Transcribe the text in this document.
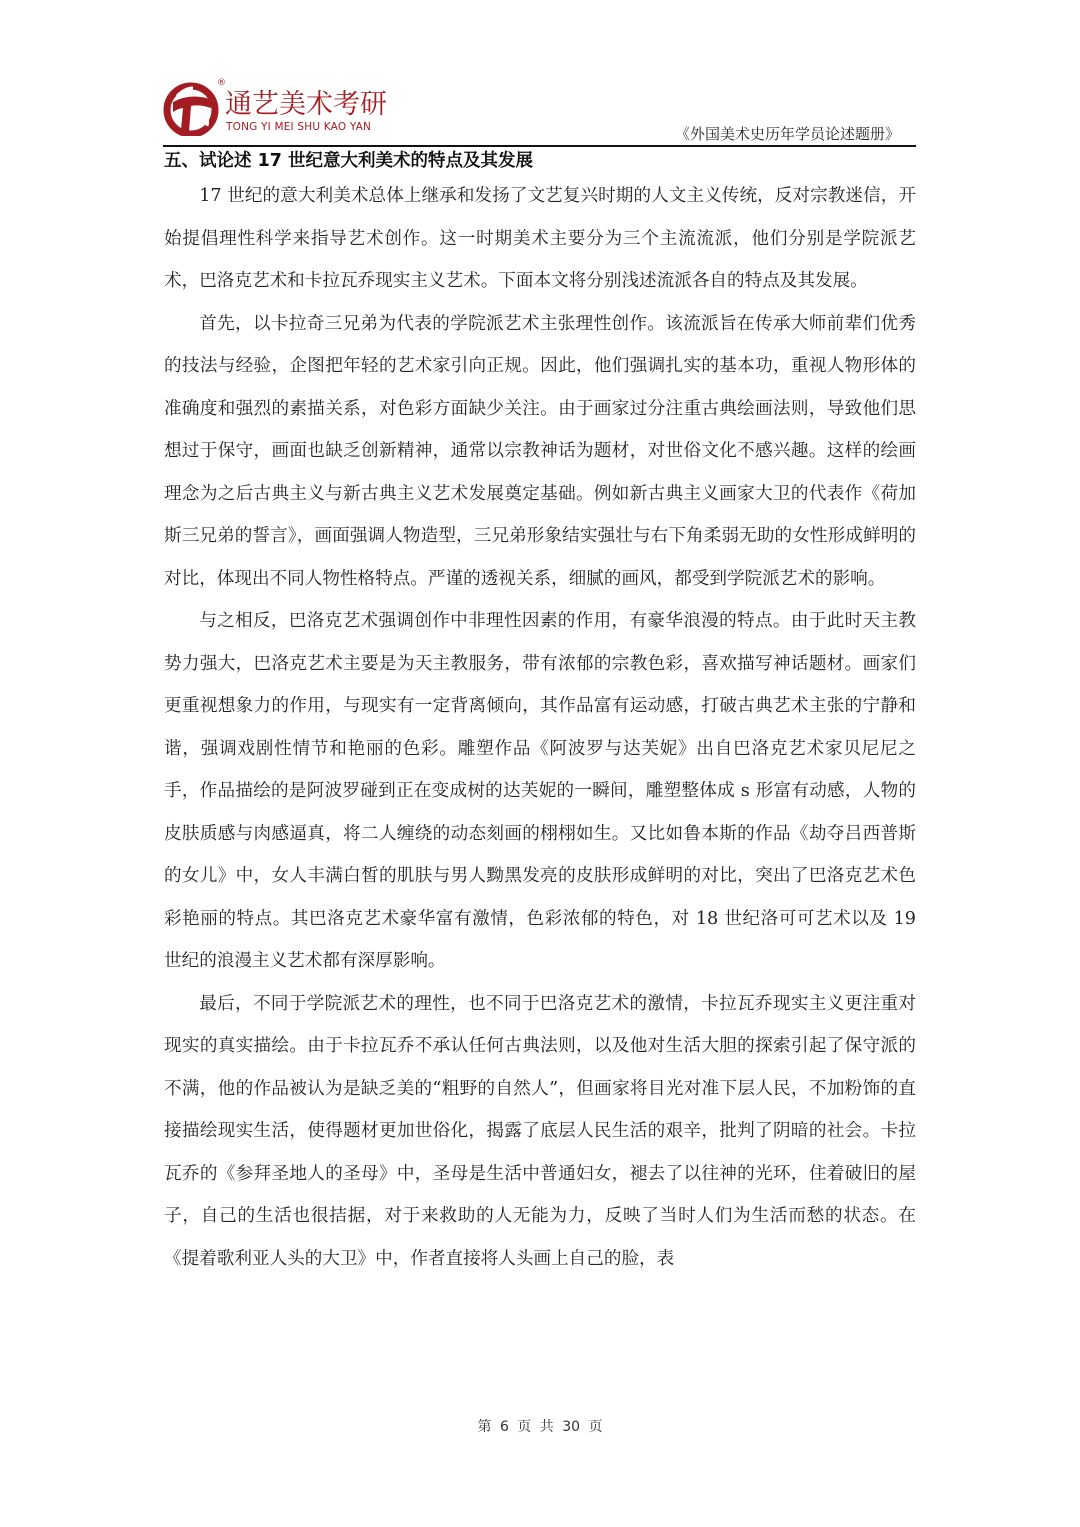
®
通艺美术考研
TONG YI MEI SHU KAO YAN	《外国美术史历年学员论述题册》
五、试论述 17 世纪意大利美术的特点及其发展

17 世纪的意大利美术总体上继承和发扬了文艺复兴时期的人文主义传统，反对宗教迷信，开始提倡理性科学来指导艺术创作。这一时期美术主要分为三个主流流派，他们分别是学院派艺术，巴洛克艺术和卡拉瓦乔现实主义艺术。下面本文将分别浅述流派各自的特点及其发展。

首先，以卡拉奇三兄弟为代表的学院派艺术主张理性创作。该流派旨在传承大师前辈们优秀的技法与经验，企图把年轻的艺术家引向正规。因此，他们强调扎实的基本功，重视人物形体的准确度和强烈的素描关系，对色彩方面缺少关注。由于画家过分注重古典绘画法则，导致他们思想过于保守，画面也缺乏创新精神，通常以宗教神话为题材，对世俗文化不感兴趣。这样的绘画理念为之后古典主义与新古典主义艺术发展奠定基础。例如新古典主义画家大卫的代表作《荷加斯三兄弟的誓言》，画面强调人物造型，三兄弟形象结实强壮与右下角柔弱无助的女性形成鲜明的对比，体现出不同人物性格特点。严谨的透视关系，细腻的画风，都受到学院派艺术的影响。

与之相反，巴洛克艺术强调创作中非理性因素的作用，有豪华浪漫的特点。由于此时天主教势力强大，巴洛克艺术主要是为天主教服务，带有浓郁的宗教色彩，喜欢描写神话题材。画家们更重视想象力的作用，与现实有一定背离倾向，其作品富有运动感，打破古典艺术主张的宁静和谐，强调戏剧性情节和艳丽的色彩。雕塑作品《阿波罗与达芙妮》出自巴洛克艺术家贝尼尼之手，作品描绘的是阿波罗碰到正在变成树的达芙妮的一瞬间，雕塑整体成 s 形富有动感，人物的皮肤质感与肉感逼真，将二人缠绕的动态刻画的栩栩如生。又比如鲁本斯的作品《劫夺吕西普斯的女儿》中，女人丰满白皙的肌肤与男人黝黑发亮的皮肤形成鲜明的对比，突出了巴洛克艺术色彩艳丽的特点。其巴洛克艺术豪华富有激情，色彩浓郁的特色，对 18 世纪洛可可艺术以及 19 世纪的浪漫主义艺术都有深厚影响。

最后，不同于学院派艺术的理性，也不同于巴洛克艺术的激情，卡拉瓦乔现实主义更注重对现实的真实描绘。由于卡拉瓦乔不承认任何古典法则，以及他对生活大胆的探索引起了保守派的不满，他的作品被认为是缺乏美的“粗野的自然人”，但画家将目光对准下层人民，不加粉饰的直接描绘现实生活，使得题材更加世俗化，揭露了底层人民生活的艰辛，批判了阴暗的社会。卡拉瓦乔的《参拜圣地人的圣母》中，圣母是生活中普通妇女，褪去了以往神的光环，住着破旧的屋子，自己的生活也很拮据，对于来救助的人无能为力，反映了当时人们为生活而愁的状态。在《提着歌利亚人头的大卫》中，作者直接将人头画上自己的脸，表

第 6 页 共 30 页
